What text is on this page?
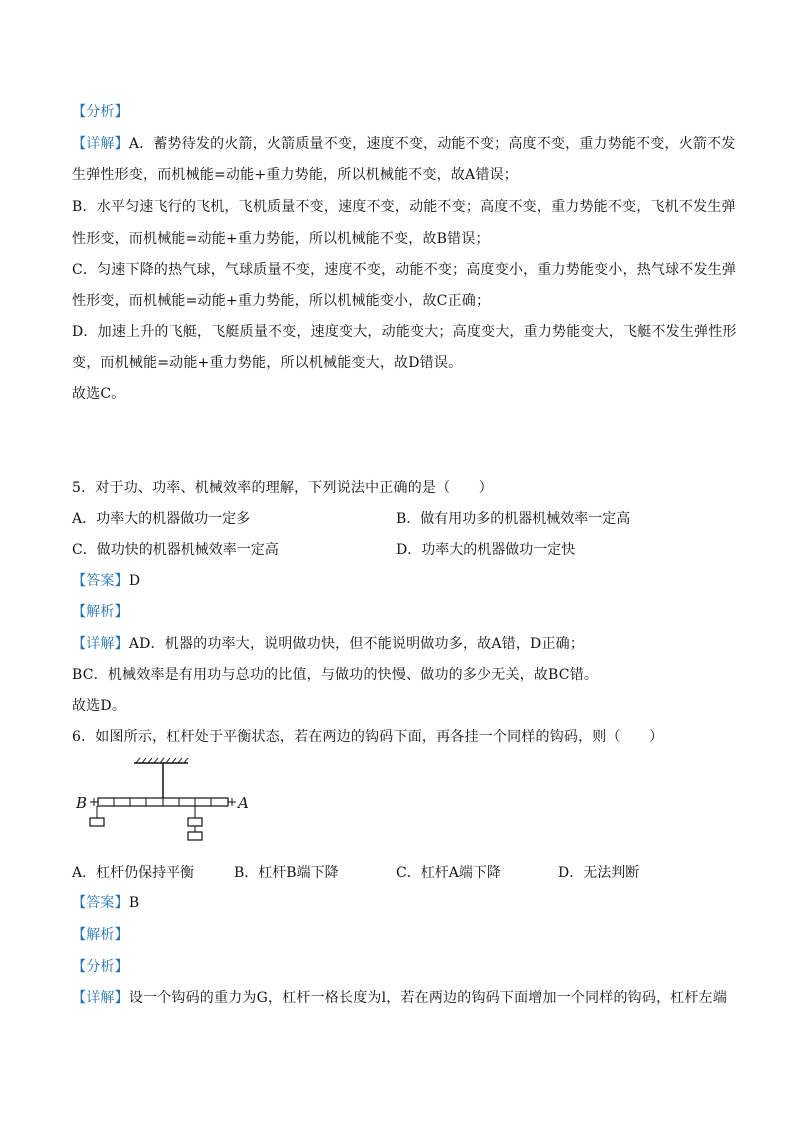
【分析】
【详解】A．蓄势待发的火箭，火箭质量不变，速度不变，动能不变；高度不变，重力势能不变，火箭不发
生弹性形变，而机械能=动能+重力势能，所以机械能不变，故A错误；
B．水平匀速飞行的飞机，飞机质量不变，速度不变，动能不变；高度不变，重力势能不变，飞机不发生弹
性形变，而机械能=动能+重力势能，所以机械能不变，故B错误；
C．匀速下降的热气球，气球质量不变，速度不变，动能不变；高度变小，重力势能变小，热气球不发生弹
性形变，而机械能=动能+重力势能，所以机械能变小，故C正确；
D．加速上升的飞艇，飞艇质量不变，速度变大，动能变大；高度变大，重力势能变大，飞艇不发生弹性形
变，而机械能=动能+重力势能，所以机械能变大，故D错误。
故选C。
5．对于功、功率、机械效率的理解，下列说法中正确的是（　　）
A．功率大的机器做功一定多	B．做有用功多的机器机械效率一定高
C．做功快的机器机械效率一定高	D．功率大的机器做功一定快
【答案】D
【解析】
【详解】AD．机器的功率大，说明做功快，但不能说明做功多，故A错，D正确；
BC．机械效率是有用功与总功的比值，与做功的快慢、做功的多少无关，故BC错。
故选D。
6．如图所示，杠杆处于平衡状态，若在两边的钩码下面，再各挂一个同样的钩码，则（　　）
B	A
A．杠杆仍保持平衡	B．杠杆B端下降	C．杠杆A端下降	D．无法判断
【答案】B
【解析】
【分析】
【详解】设一个钩码的重力为G，杠杆一格长度为l，若在两边的钩码下面增加一个同样的钩码，杠杆左端
